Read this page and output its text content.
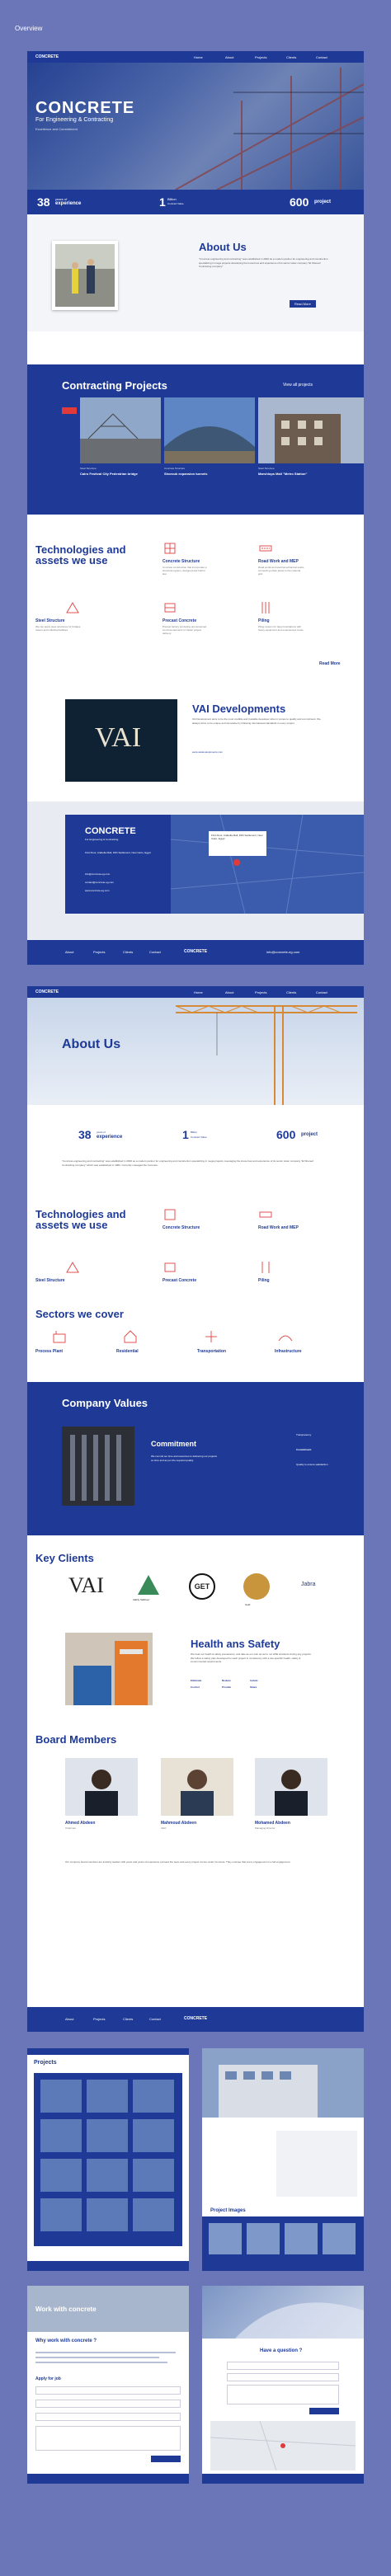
Overview
CONCRETE	Home	About	Projects	Clients	Contact
CONCRETE
For Engineering & Contracting
Excellence and Commitment
38 years of
experience	1 Billion
Contract Value	600 project
About Us
"Concrete engineering and contracting" was established in 2000 as a modern partner for engineering and construction specializing in mega projects developing the know-how and experience of its senior sister company "El Shereef Contracting company"
Read More
Contracting Projects	View all projects
Steel Structure
Cairo Festival City Pedestrian bridge
Concrete Structure
Shorouk expansion tunnels
Steel Structure
Marshlops Mall "Metro Station"
Technologies and assets we use	Concrete Structure
Concrete construction that incorporate a structural system, designed and built to last.
Road Work and MEP
Road works and electromechanical works connecting urban areas to the national grid.
Steel Structure
We can apply steel structures for bridges, towers and industrial facilities.
Precast Concrete
Precast factory producing pre-tensioned concrete elements for faster project delivery.
Piling
Piling system for deep foundations with heavy equipment and experienced crews.
Read More
VAI
VAI Developments
VAI Development aims to be the most credible and trustable developer when it comes to quality and commitment. We always strive to be unique and innovative by following international standards in every project.
www.vaideveloptments.com
CONCRETE
For Engineering & Contracting
First Floor, Arabella Mall, Fifth Settlement, New Cairo, Egypt
info@concrete-eg.com
contact@concrete-eg.com
www.concrete-eg.com
First Floor, Arabella Mall, Fifth Settlement, New Cairo, Egypt
About	Projects	Clients	Contact	CONCRETE	info@concrete-eg.com
CONCRETE	Home	About	Projects	Clients	Contact
About Us
38 years of
experience	1 Billion
Contract Value	600 project
"Concrete engineering and contracting" was established in 2000 as a modern partner for engineering and construction specializing in mega projects, leveraging the know-how and experience of its senior sister company "El Shereef Contracting company" which was established in 1983. Currently managed the Concrete.
Technologies and assets we use	Concrete Structure	Road Work and MEP
Steel Structure	Precast Concrete	Piling
Sectors we cover
Process Plant	Residential	Transportation	Infrastructure
Company Values
Commitment
We commit our time and resources to delivering our projects on time and as per the required quality.
Transparency
Commitment
Quality to ensure satisfaction
Key Clients
VAI
Alahly Sabbour
GET
Gold
Jabra
Health ans Safety
We treat our health & safety precautions, and take as our own as we're not HSE accidents during any projects. We follow a safety plan developed for each project in consistency with a site-specific health, safety & environmental requirements.
Eliminate	Reduce	Isolate
Control	Provide	Share
Board Members
Ahmed Abdeen
Chairman
Mahmoud Abdeen
CEO
Mohamed Abdeen
Managing Director
Our company board members are industry leaders with years and years of experience pursued the team and every project comes under Concrete. They oversee that every engagement is a full engagement.
About	Projects	Clients	Contact	CONCRETE
Projects
Project Images
Work with concrete
Why work with concrete ?
Apply for job
Have a question ?
